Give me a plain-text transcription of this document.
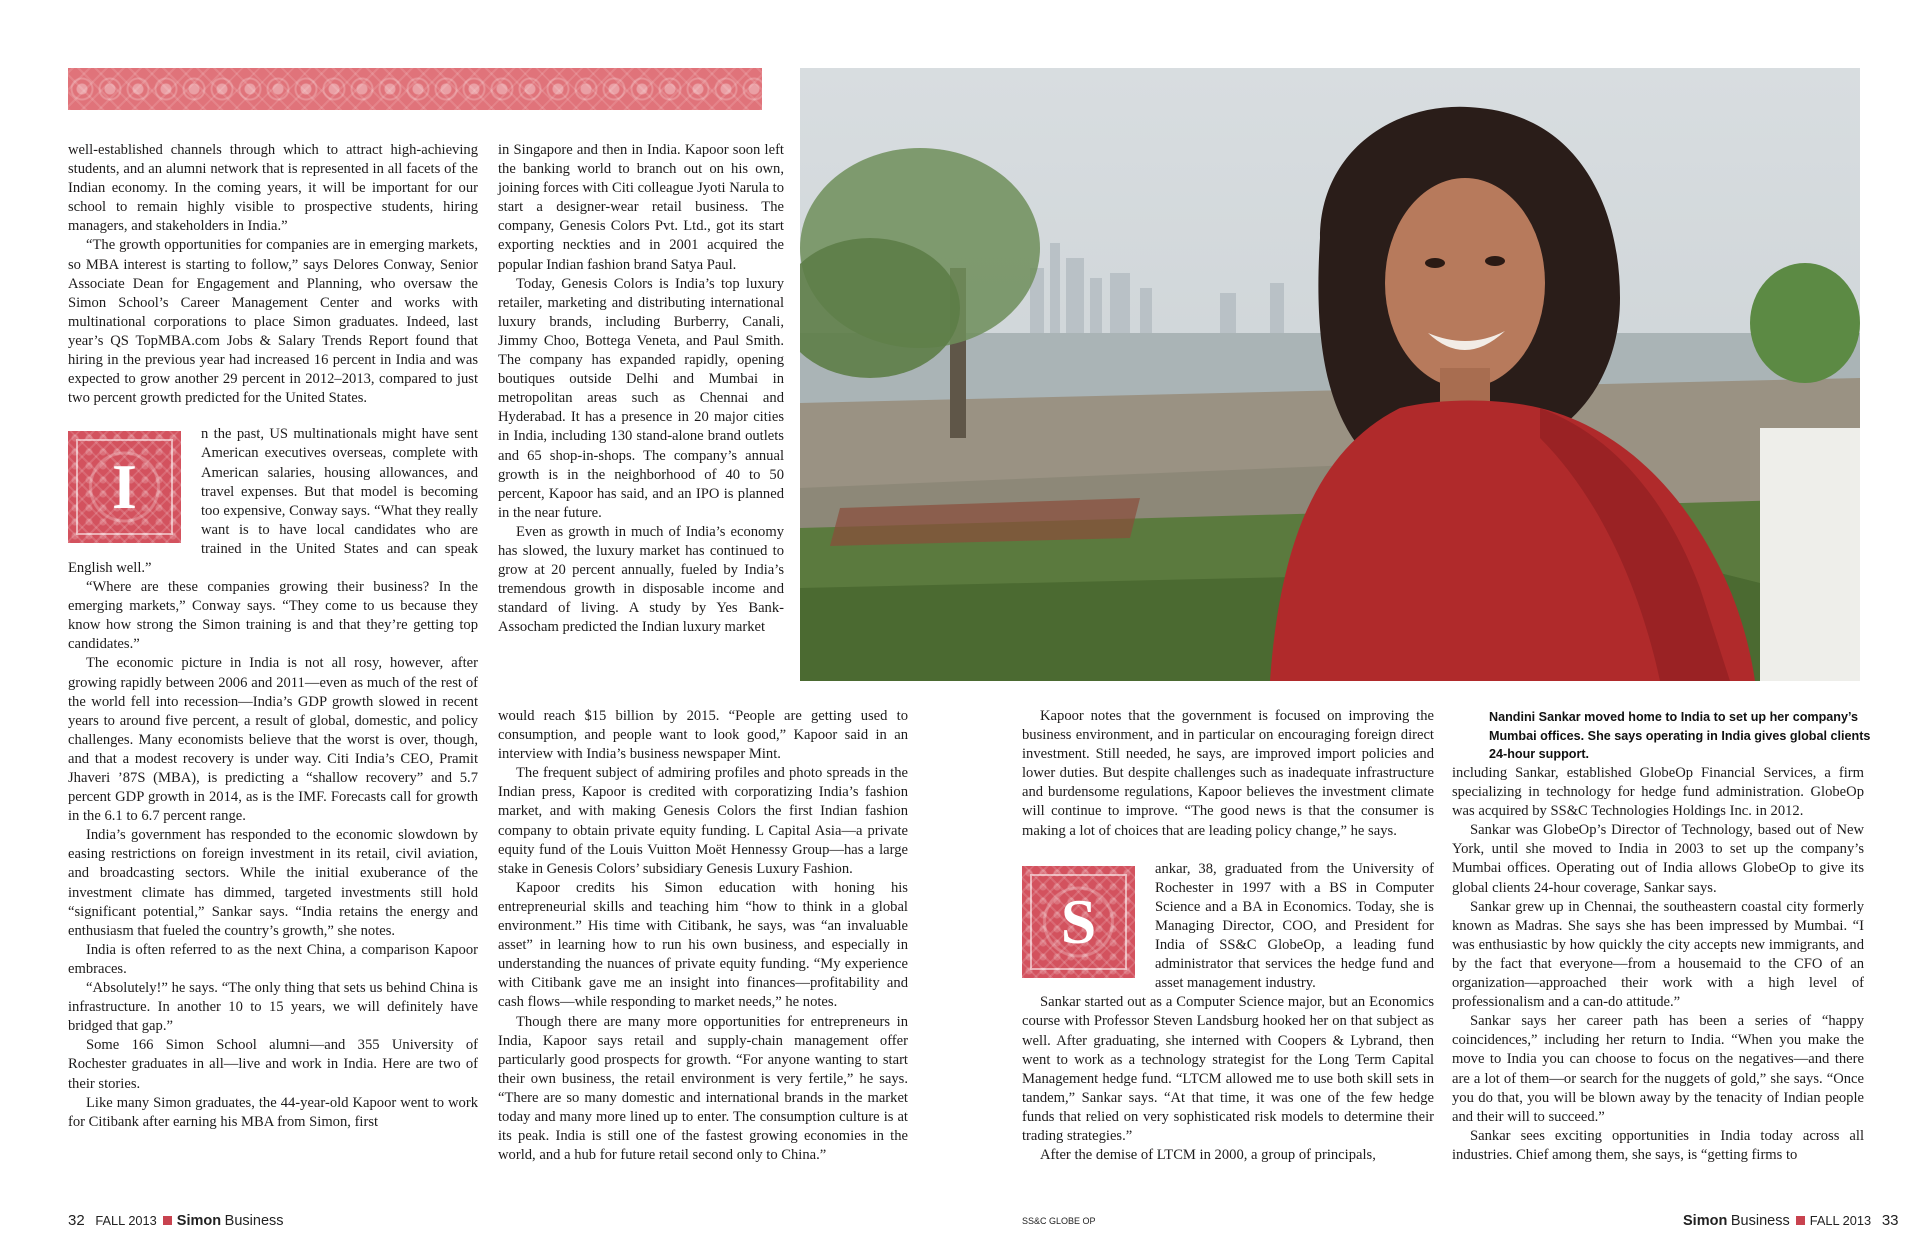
well-established channels through which to attract high-achieving students, and an alumni network that is represented in all facets of the Indian economy. In the coming years, it will be important for our school to remain highly visible to prospective students, hiring managers, and stakeholders in India.”

“The growth opportunities for companies are in emerging markets, so MBA interest is starting to follow,” says Delores Conway, Senior Associate Dean for Engagement and Planning, who oversaw the Simon School’s Career Management Center and works with multinational corporations to place Simon graduates. Indeed, last year’s QS TopMBA.com Jobs & Salary Trends Report found that hiring in the previous year had increased 16 percent in India and was expected to grow another 29 percent in 2012–2013, compared to just two percent growth predicted for the United States.

I

n the past, US multinationals might have sent American executives overseas, complete with American salaries, housing allowances, and travel expenses. But that model is becoming too expensive, Conway says. “What they really want is to have local candidates who are trained in the United States and can speak English well.”

“Where are these companies growing their business? In the emerging markets,” Conway says. “They come to us because they know how strong the Simon training is and that they’re getting top candidates.”

The economic picture in India is not all rosy, however, after growing rapidly between 2006 and 2011—even as much of the rest of the world fell into recession—India’s GDP growth slowed in recent years to around five percent, a result of global, domestic, and policy challenges. Many economists believe that the worst is over, though, and that a modest recovery is under way. Citi India’s CEO, Pramit Jhaveri ’87S (MBA), is predicting a “shallow recovery” and 5.7 percent GDP growth in 2014, as is the IMF. Forecasts call for growth in the 6.1 to 6.7 percent range.

India’s government has responded to the economic slowdown by easing restrictions on foreign investment in its retail, civil aviation, and broadcasting sectors. While the initial exuberance of the investment climate has dimmed, targeted investments still hold “significant potential,” Sankar says. “India retains the energy and enthusiasm that fueled the country’s growth,” she notes.

India is often referred to as the next China, a comparison Kapoor embraces.

“Absolutely!” he says. “The only thing that sets us behind China is infrastructure. In another 10 to 15 years, we will definitely have bridged that gap.”

Some 166 Simon School alumni—and 355 University of Rochester graduates in all—live and work in India. Here are two of their stories.

Like many Simon graduates, the 44-year-old Kapoor went to work for Citibank after earning his MBA from Simon, first

in Singapore and then in India. Kapoor soon left the banking world to branch out on his own, joining forces with Citi colleague Jyoti Narula to start a designer-wear retail business. The company, Genesis Colors Pvt. Ltd., got its start exporting neckties and in 2001 acquired the popular Indian fashion brand Satya Paul.

Today, Genesis Colors is India’s top luxury retailer, marketing and distributing international luxury brands, including Burberry, Canali, Jimmy Choo, Bottega Veneta, and Paul Smith. The company has expanded rapidly, opening boutiques outside Delhi and Mumbai in metropolitan areas such as Chennai and Hyderabad. It has a presence in 20 major cities in India, including 130 stand-alone brand outlets and 65 shop-in-shops. The company’s annual growth is in the neighborhood of 40 to 50 percent, Kapoor has said, and an IPO is planned in the near future.

Even as growth in much of India’s economy has slowed, the luxury market has continued to grow at 20 percent annually, fueled by India’s tremendous growth in disposable income and standard of living. A study by Yes Bank-Assocham predicted the Indian luxury market

would reach $15 billion by 2015. “People are getting used to consumption, and people want to look good,” Kapoor said in an interview with India’s business newspaper Mint.

The frequent subject of admiring profiles and photo spreads in the Indian press, Kapoor is credited with corporatizing India’s fashion market, and with making Genesis Colors the first Indian fashion company to obtain private equity funding. L Capital Asia—a private equity fund of the Louis Vuitton Moët Hennessy Group—has a large stake in Genesis Colors’ subsidiary Genesis Luxury Fashion.

Kapoor credits his Simon education with honing his entrepreneurial skills and teaching him “how to think in a global environment.” His time with Citibank, he says, was “an invaluable asset” in learning how to run his own business, and especially in understanding the nuances of private equity funding. “My experience with Citibank gave me an insight into finances—profitability and cash flows—while responding to market needs,” he notes.

Though there are many more opportunities for entrepreneurs in India, Kapoor says retail and supply-chain management offer particularly good prospects for growth. “For anyone wanting to start their own business, the retail environment is very fertile,” he says. “There are so many domestic and international brands in the market today and many more lined up to enter. The consumption culture is at its peak. India is still one of the fastest growing economies in the world, and a hub for future retail second only to China.”

Kapoor notes that the government is focused on improving the business environment, and in particular on encouraging foreign direct investment. Still needed, he says, are improved import policies and lower duties. But despite challenges such as inadequate infrastructure and burdensome regulations, Kapoor believes the investment climate will continue to improve. “The good news is that the consumer is making a lot of choices that are leading policy change,” he says.

S

ankar, 38, graduated from the University of Rochester in 1997 with a BS in Computer Science and a BA in Economics. Today, she is Managing Director, COO, and President for India of SS&C GlobeOp, a leading fund administrator that services the hedge fund and asset management industry.

Sankar started out as a Computer Science major, but an Economics course with Professor Steven Landsburg hooked her on that subject as well. After graduating, she interned with Coopers & Lybrand, then went to work as a technology strategist for the Long Term Capital Management hedge fund. “LTCM allowed me to use both skill sets in tandem,” Sankar says. “At that time, it was one of the few hedge funds that relied on very sophisticated risk models to determine their trading strategies.”

After the demise of LTCM in 2000, a group of principals,

Nandini Sankar moved home to India to set up her company’s Mumbai offices. She says operating in India gives global clients 24-hour support.

including Sankar, established GlobeOp Financial Services, a firm specializing in technology for hedge fund administration. GlobeOp was acquired by SS&C Technologies Holdings Inc. in 2012.

Sankar was GlobeOp’s Director of Technology, based out of New York, until she moved to India in 2003 to set up the company’s Mumbai offices. Operating out of India allows GlobeOp to give its global clients 24-hour coverage, Sankar says.

Sankar grew up in Chennai, the southeastern coastal city formerly known as Madras. She says she has been impressed by Mumbai. “I was enthusiastic by how quickly the city accepts new immigrants, and by the fact that everyone—from a housemaid to the CFO of an organization—approached their work with a high level of professionalism and a can-do attitude.”

Sankar says her career path has been a series of “happy coincidences,” including her return to India. “When you make the move to India you can choose to focus on the negatives—and there are a lot of them—or search for the nuggets of gold,” she says. “Once you do that, you will be blown away by the tenacity of Indian people and their will to succeed.”

Sankar sees exciting opportunities in India today across all industries. Chief among them, she says, is “getting firms to

32 FALL 2013 Simon Business	SS&C GLOBE OP	Simon Business FALL 2013 33
